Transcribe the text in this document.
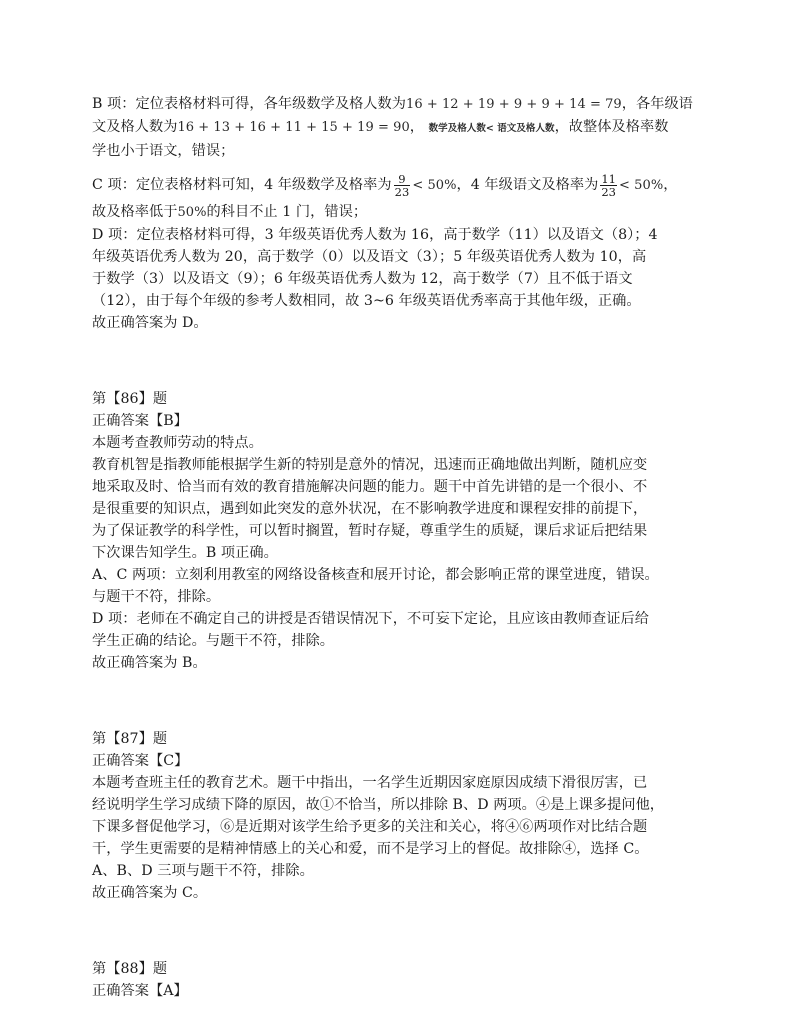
B 项：定位表格材料可得，各年级数学及格人数为16 + 12 + 19 + 9 + 9 + 14 = 79，各年级语
文及格人数为16 + 13 + 16 + 11 + 15 + 19 = 90， 数学及格人数< 语文及格人数，故整体及格率数
学也小于语文，错误；
C 项：定位表格材料可知，4 年级数学及格率为 $\frac{9}{23} < 50\%$，4 年级语文及格率为 $\frac{11}{23} < 50\%$，
故及格率低于50%的科目不止 1 门，错误；
D 项：定位表格材料可得，3 年级英语优秀人数为 16，高于数学（11）以及语文（8）；4
年级英语优秀人数为 20，高于数学（0）以及语文（3）；5 年级英语优秀人数为 10，高
于数学（3）以及语文（9）；6 年级英语优秀人数为 12，高于数学（7）且不低于语文
（12），由于每个年级的参考人数相同，故 3~6 年级英语优秀率高于其他年级，正确。
故正确答案为 D。
第【86】题
正确答案【B】
本题考查教师劳动的特点。
教育机智是指教师能根据学生新的特别是意外的情况，迅速而正确地做出判断，随机应变
地采取及时、恰当而有效的教育措施解决问题的能力。题干中首先讲错的是一个很小、不
是很重要的知识点，遇到如此突发的意外状况，在不影响教学进度和课程安排的前提下，
为了保证教学的科学性，可以暂时搁置，暂时存疑，尊重学生的质疑，课后求证后把结果
下次课告知学生。B 项正确。
A、C 两项：立刻利用教室的网络设备核查和展开讨论，都会影响正常的课堂进度，错误。
与题干不符，排除。
D 项：老师在不确定自己的讲授是否错误情况下，不可妄下定论，且应该由教师查证后给
学生正确的结论。与题干不符，排除。
故正确答案为 B。
第【87】题
正确答案【C】
本题考查班主任的教育艺术。题干中指出，一名学生近期因家庭原因成绩下滑很厉害，已
经说明学生学习成绩下降的原因，故①不恰当，所以排除 B、D 两项。④是上课多提问他，
下课多督促他学习，⑥是近期对该学生给予更多的关注和关心，将④⑥两项作对比结合题
干，学生更需要的是精神情感上的关心和爱，而不是学习上的督促。故排除④，选择 C。
A、B、D 三项与题干不符，排除。
故正确答案为 C。
第【88】题
正确答案【A】
